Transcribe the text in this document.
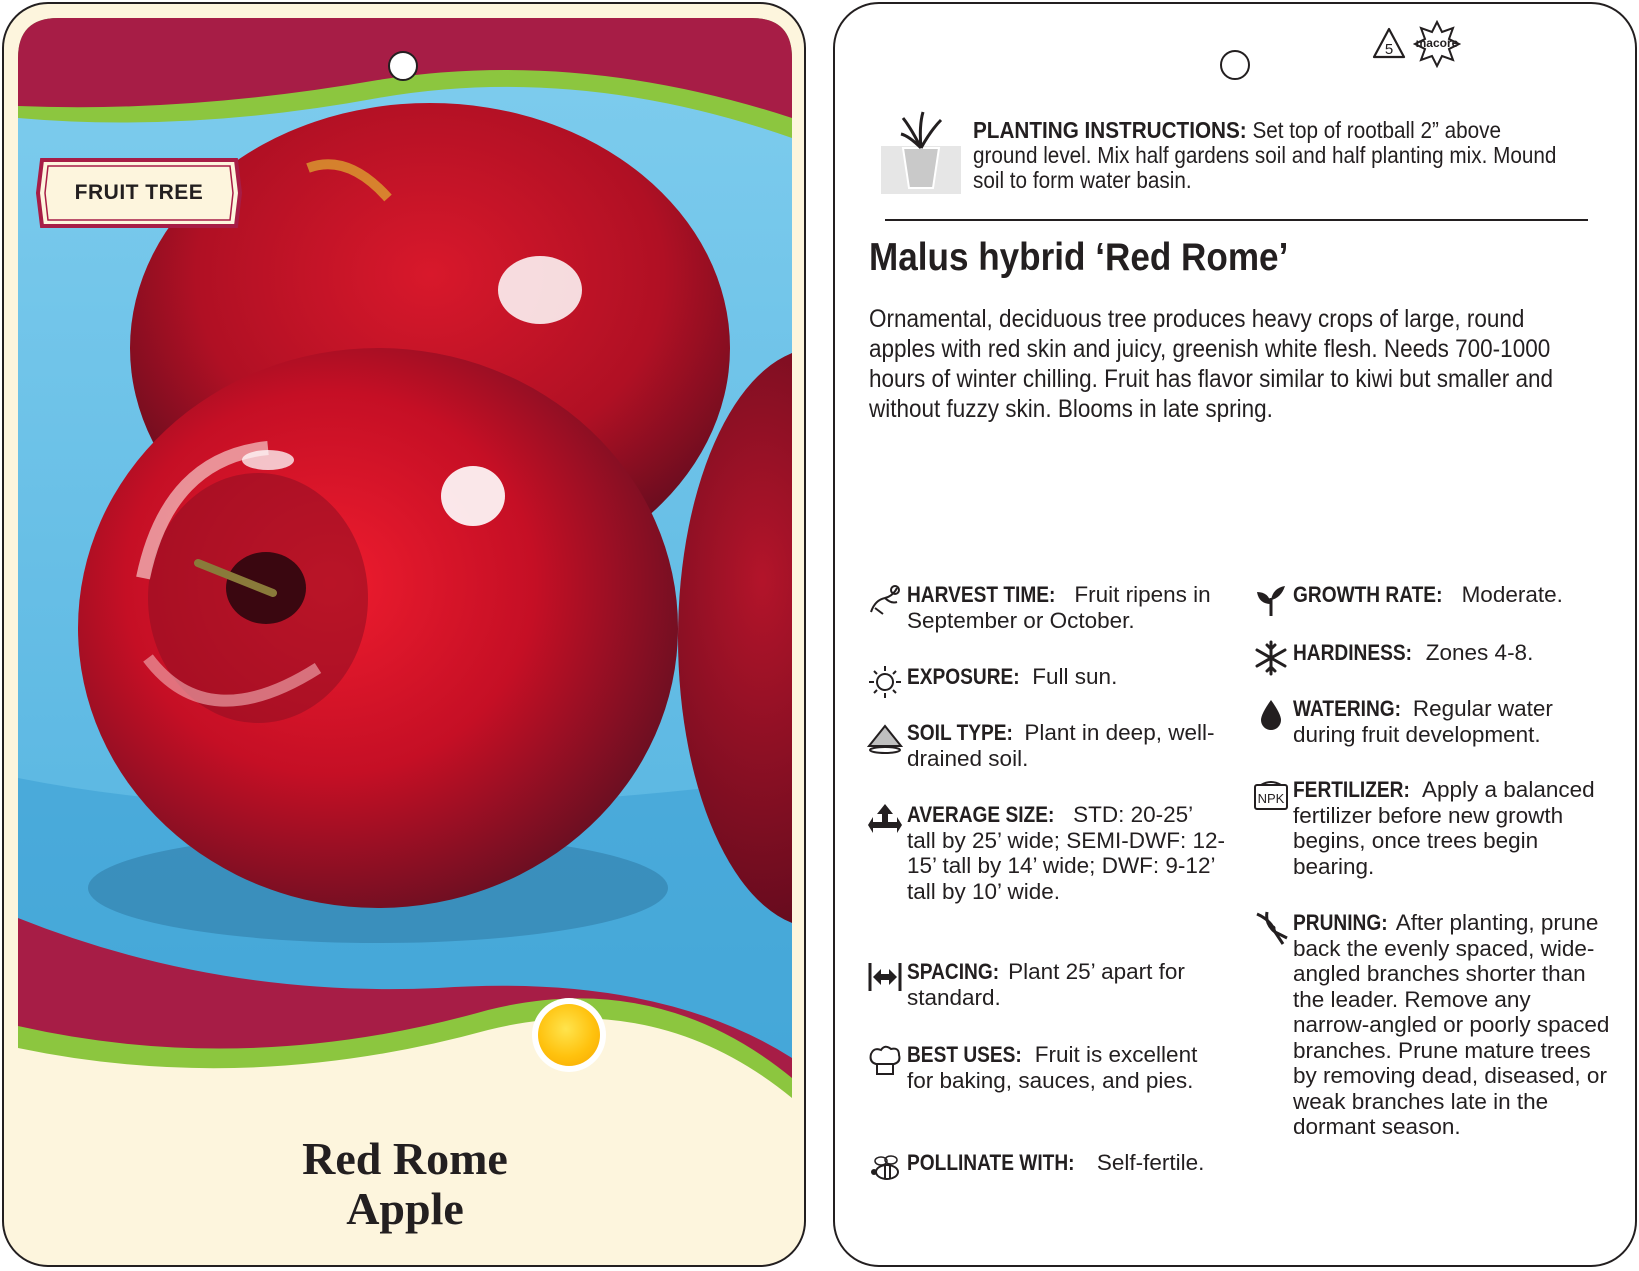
FRUIT TREE
Red Rome
Apple
5 macore

PLANTING INSTRUCTIONS: Set top of rootball 2” above ground level. Mix half gardens soil and half planting mix. Mound soil to form water basin.

Malus hybrid ‘Red Rome’

Ornamental, deciduous tree produces heavy crops of large, round apples with red skin and juicy, greenish white flesh. Needs 700-1000 hours of winter chilling. Fruit has flavor similar to kiwi but smaller and without fuzzy skin. Blooms in late spring.

HARVEST TIME: Fruit ripens in September or October.

EXPOSURE: Full sun.

SOIL TYPE: Plant in deep, well-drained soil.

AVERAGE SIZE: STD: 20-25’ tall by 25’ wide; SEMI-DWF: 12-15’ tall by 14’ wide; DWF: 9-12’ tall by 10’ wide.

SPACING: Plant 25’ apart for standard.

BEST USES: Fruit is excellent for baking, sauces, and pies.

POLLINATE WITH: Self-fertile.

GROWTH RATE: Moderate.

HARDINESS: Zones 4-8.

WATERING: Regular water during fruit development.

NPK FERTILIZER: Apply a balanced fertilizer before new growth begins, once trees begin bearing.

PRUNING: After planting, prune back the evenly spaced, wide-angled branches shorter than the leader. Remove any narrow-angled or poorly spaced branches. Prune mature trees by removing dead, diseased, or weak branches late in the dormant season.
